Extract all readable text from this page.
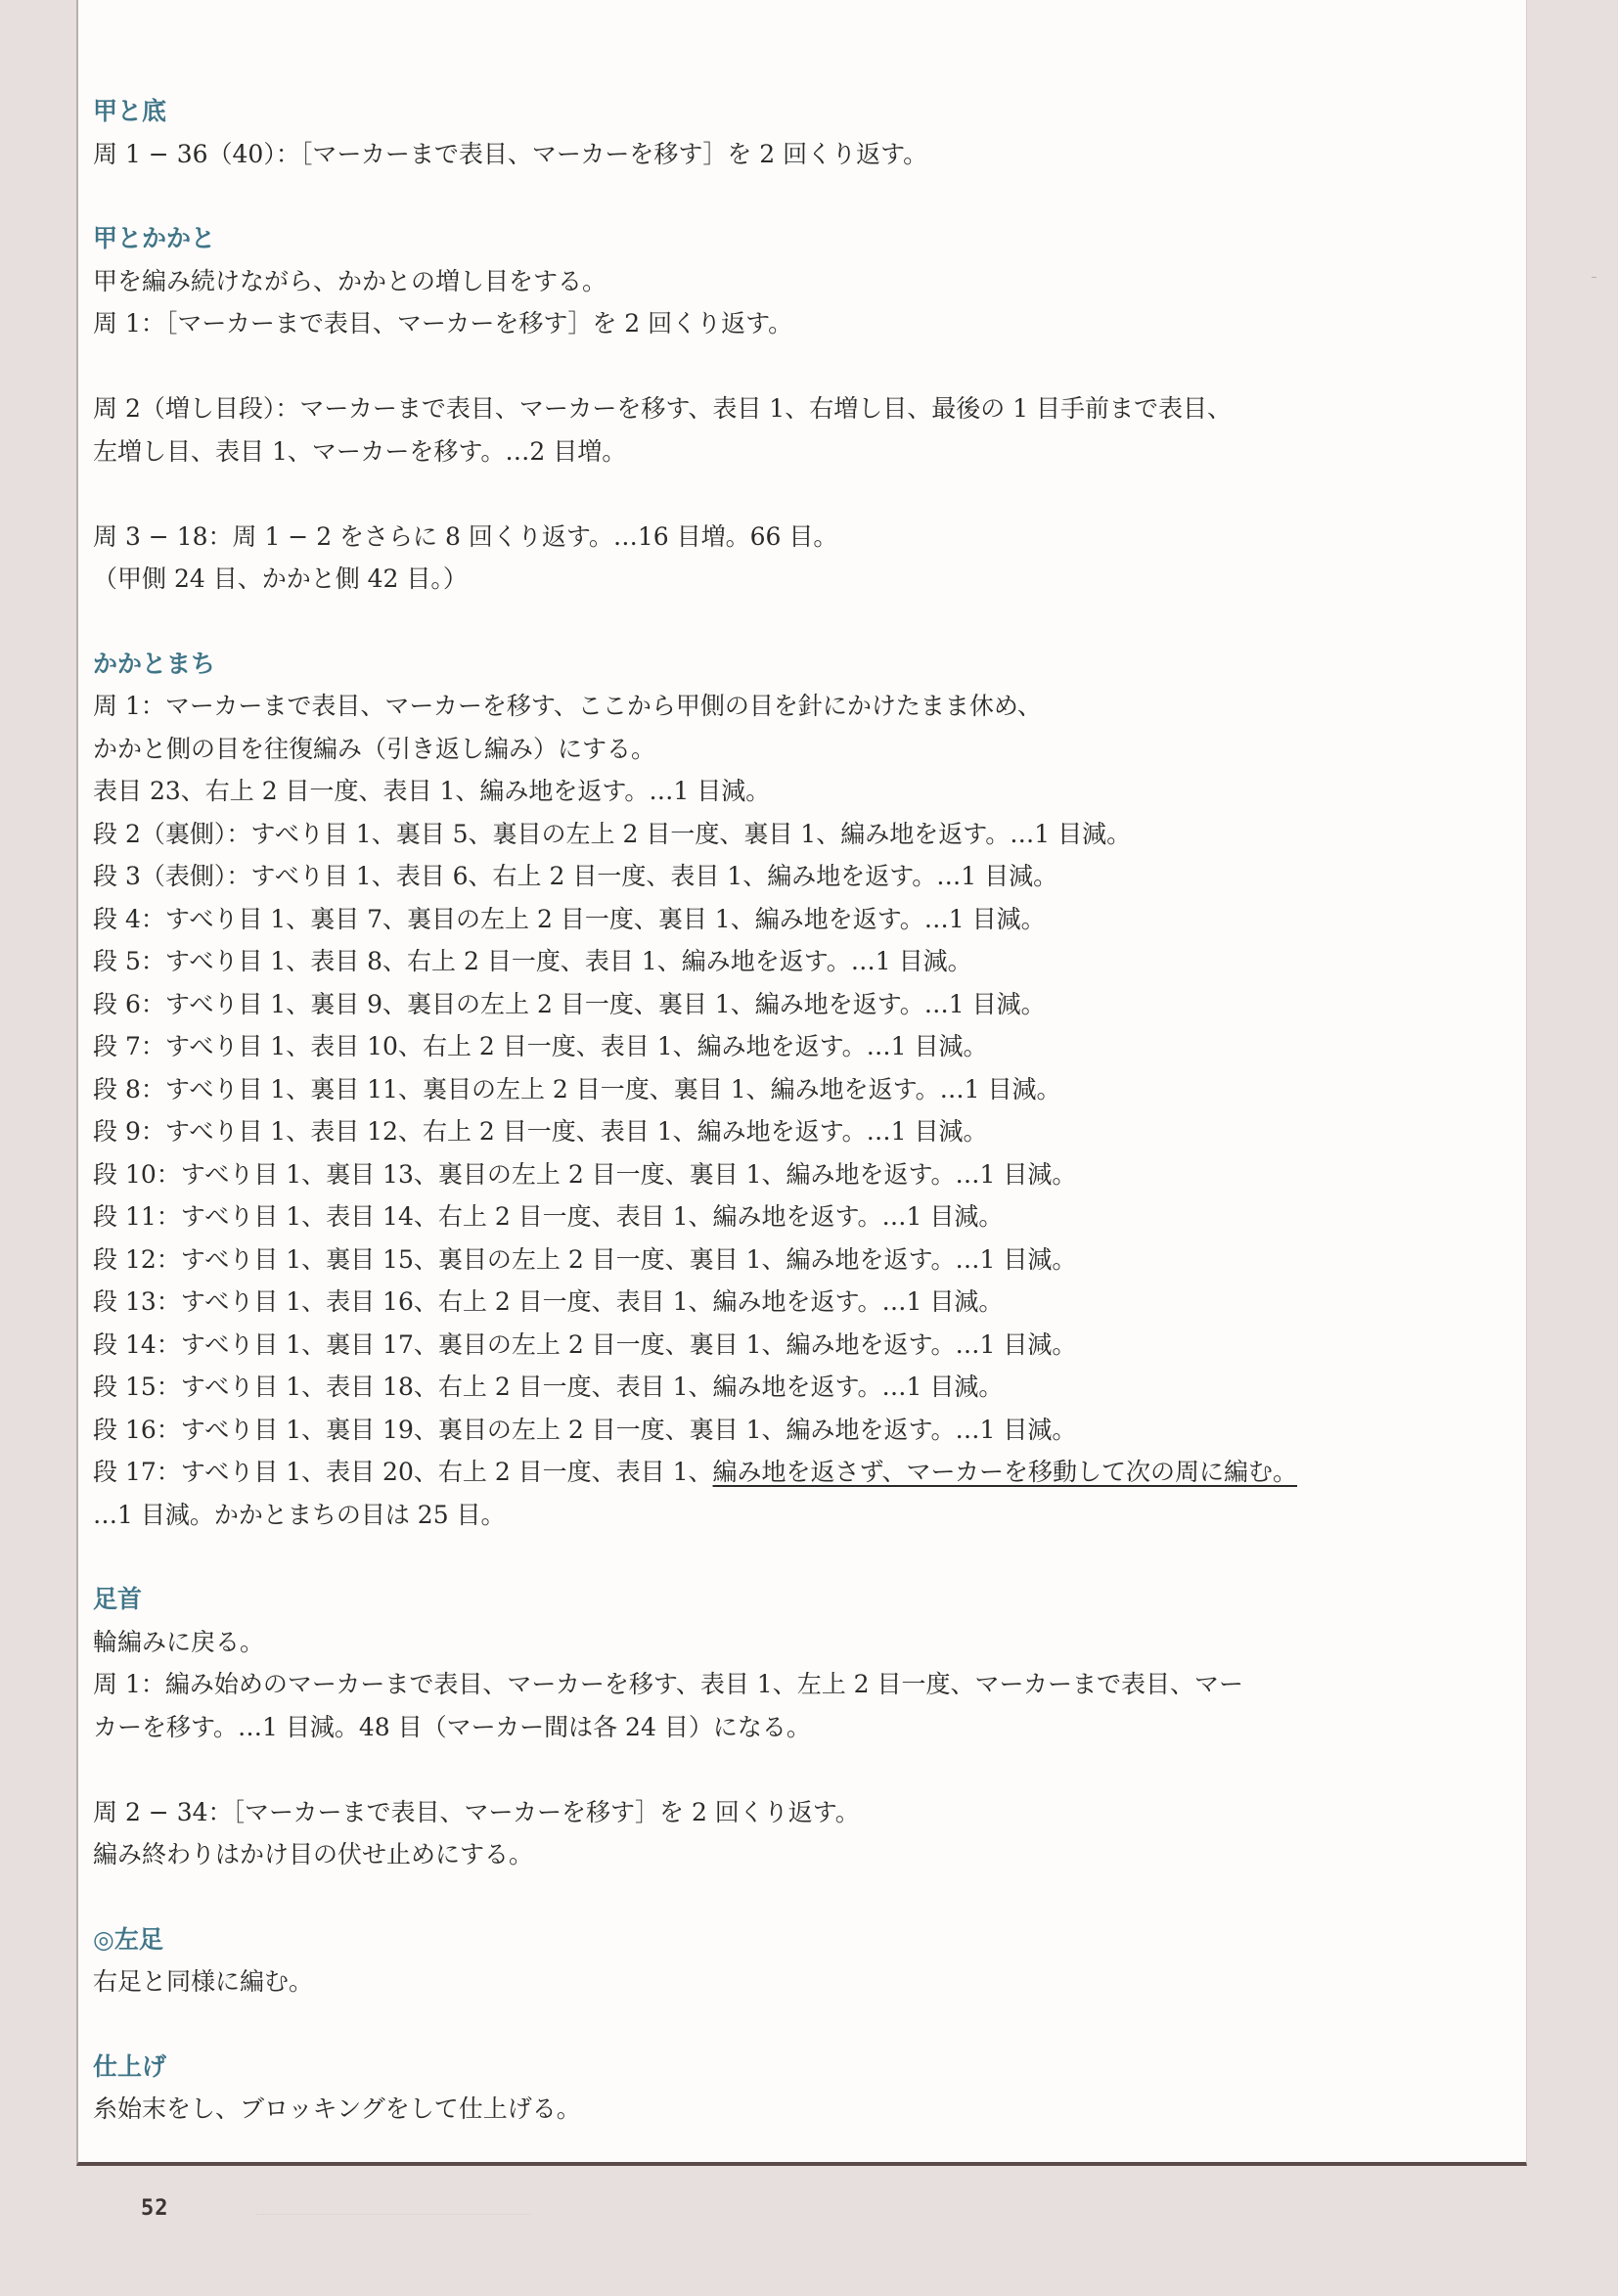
甲と底
周 1 − 36（40）：［マーカーまで表目、マーカーを移す］を 2 回くり返す。
甲とかかと
甲を編み続けながら、かかとの増し目をする。
周 1：［マーカーまで表目、マーカーを移す］を 2 回くり返す。
周 2（増し目段）：マーカーまで表目、マーカーを移す、表目 1、右増し目、最後の 1 目手前まで表目、
左増し目、表目 1、マーカーを移す。…2 目増。
周 3 − 18：周 1 − 2 をさらに 8 回くり返す。…16 目増。66 目。
（甲側 24 目、かかと側 42 目。）
かかとまち
周 1：マーカーまで表目、マーカーを移す、ここから甲側の目を針にかけたまま休め、
かかと側の目を往復編み（引き返し編み）にする。
表目 23、右上 2 目一度、表目 1、編み地を返す。…1 目減。
段 2（裏側）：すべり目 1、裏目 5、裏目の左上 2 目一度、裏目 1、編み地を返す。…1 目減。
段 3（表側）：すべり目 1、表目 6、右上 2 目一度、表目 1、編み地を返す。…1 目減。
段 4：すべり目 1、裏目 7、裏目の左上 2 目一度、裏目 1、編み地を返す。…1 目減。
段 5：すべり目 1、表目 8、右上 2 目一度、表目 1、編み地を返す。…1 目減。
段 6：すべり目 1、裏目 9、裏目の左上 2 目一度、裏目 1、編み地を返す。…1 目減。
段 7：すべり目 1、表目 10、右上 2 目一度、表目 1、編み地を返す。…1 目減。
段 8：すべり目 1、裏目 11、裏目の左上 2 目一度、裏目 1、編み地を返す。…1 目減。
段 9：すべり目 1、表目 12、右上 2 目一度、表目 1、編み地を返す。…1 目減。
段 10：すべり目 1、裏目 13、裏目の左上 2 目一度、裏目 1、編み地を返す。…1 目減。
段 11：すべり目 1、表目 14、右上 2 目一度、表目 1、編み地を返す。…1 目減。
段 12：すべり目 1、裏目 15、裏目の左上 2 目一度、裏目 1、編み地を返す。…1 目減。
段 13：すべり目 1、表目 16、右上 2 目一度、表目 1、編み地を返す。…1 目減。
段 14：すべり目 1、裏目 17、裏目の左上 2 目一度、裏目 1、編み地を返す。…1 目減。
段 15：すべり目 1、表目 18、右上 2 目一度、表目 1、編み地を返す。…1 目減。
段 16：すべり目 1、裏目 19、裏目の左上 2 目一度、裏目 1、編み地を返す。…1 目減。
段 17：すべり目 1、表目 20、右上 2 目一度、表目 1、編み地を返さず、マーカーを移動して次の周に編む。
…1 目減。かかとまちの目は 25 目。
足首
輪編みに戻る。
周 1：編み始めのマーカーまで表目、マーカーを移す、表目 1、左上 2 目一度、マーカーまで表目、マー
カーを移す。…1 目減。48 目（マーカー間は各 24 目）になる。
周 2 − 34：［マーカーまで表目、マーカーを移す］を 2 回くり返す。
編み終わりはかけ目の伏せ止めにする。
◎左足
右足と同様に編む。
仕上げ
糸始末をし、ブロッキングをして仕上げる。
52
